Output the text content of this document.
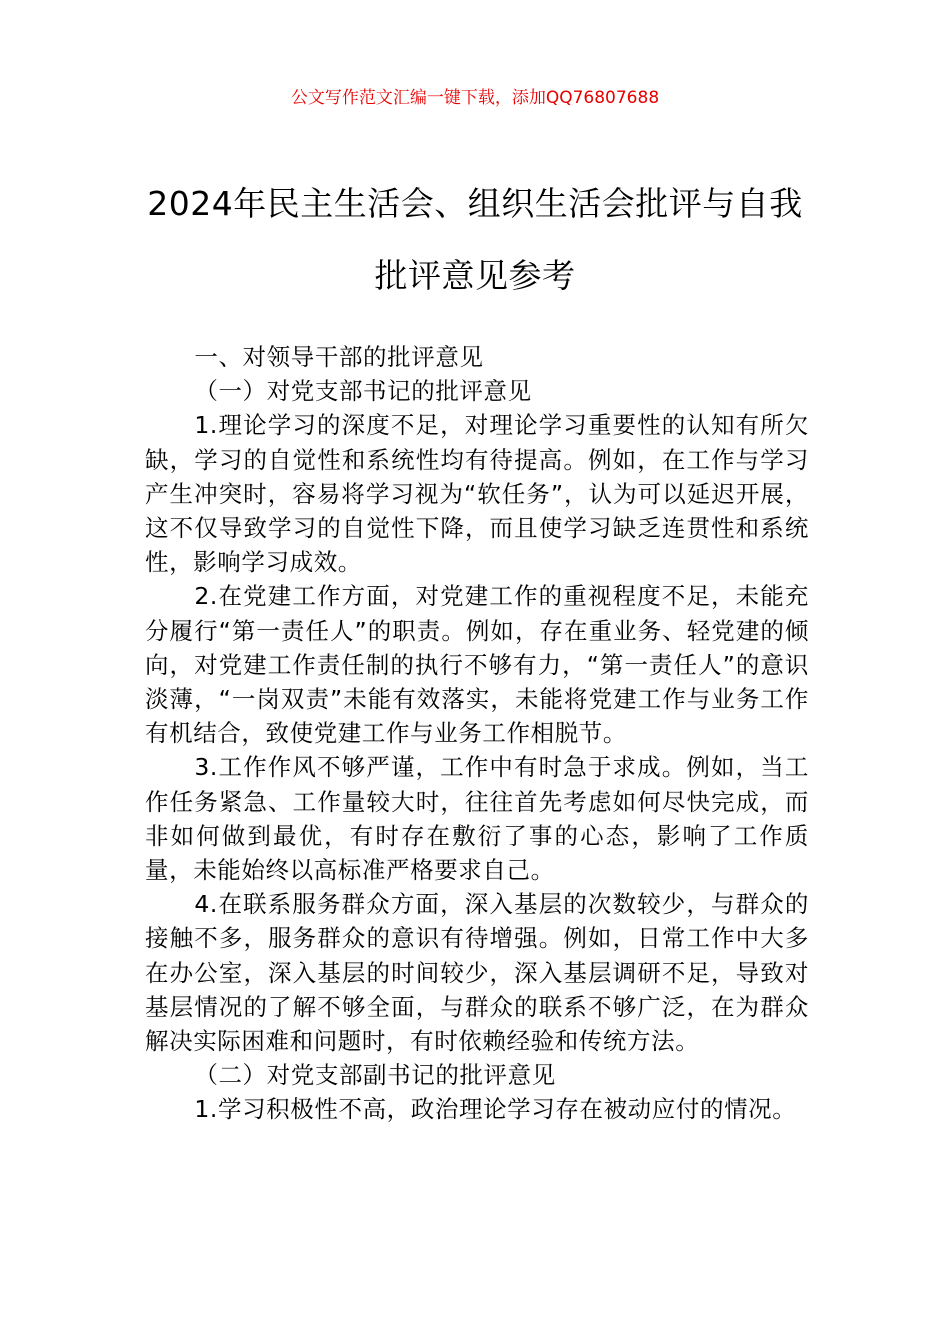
公文写作范文汇编一键下载，添加QQ76807688
2024年民主生活会、组织生活会批评与自我批评意见参考

一、对领导干部的批评意见

（一）对党支部书记的批评意见

1.理论学习的深度不足，对理论学习重要性的认知有所欠缺，学习的自觉性和系统性均有待提高。例如，在工作与学习产生冲突时，容易将学习视为“软任务”，认为可以延迟开展，这不仅导致学习的自觉性下降，而且使学习缺乏连贯性和系统性，影响学习成效。

2.在党建工作方面，对党建工作的重视程度不足，未能充分履行“第一责任人”的职责。例如，存在重业务、轻党建的倾向，对党建工作责任制的执行不够有力，“第一责任人”的意识淡薄，“一岗双责”未能有效落实，未能将党建工作与业务工作有机结合，致使党建工作与业务工作相脱节。

3.工作作风不够严谨，工作中有时急于求成。例如，当工作任务紧急、工作量较大时，往往首先考虑如何尽快完成，而非如何做到最优，有时存在敷衍了事的心态，影响了工作质量，未能始终以高标准严格要求自己。

4.在联系服务群众方面，深入基层的次数较少，与群众的接触不多，服务群众的意识有待增强。例如，日常工作中大多在办公室，深入基层的时间较少，深入基层调研不足，导致对基层情况的了解不够全面，与群众的联系不够广泛，在为群众解决实际困难和问题时，有时依赖经验和传统方法。

（二）对党支部副书记的批评意见

1.学习积极性不高，政治理论学习存在被动应付的情况。
